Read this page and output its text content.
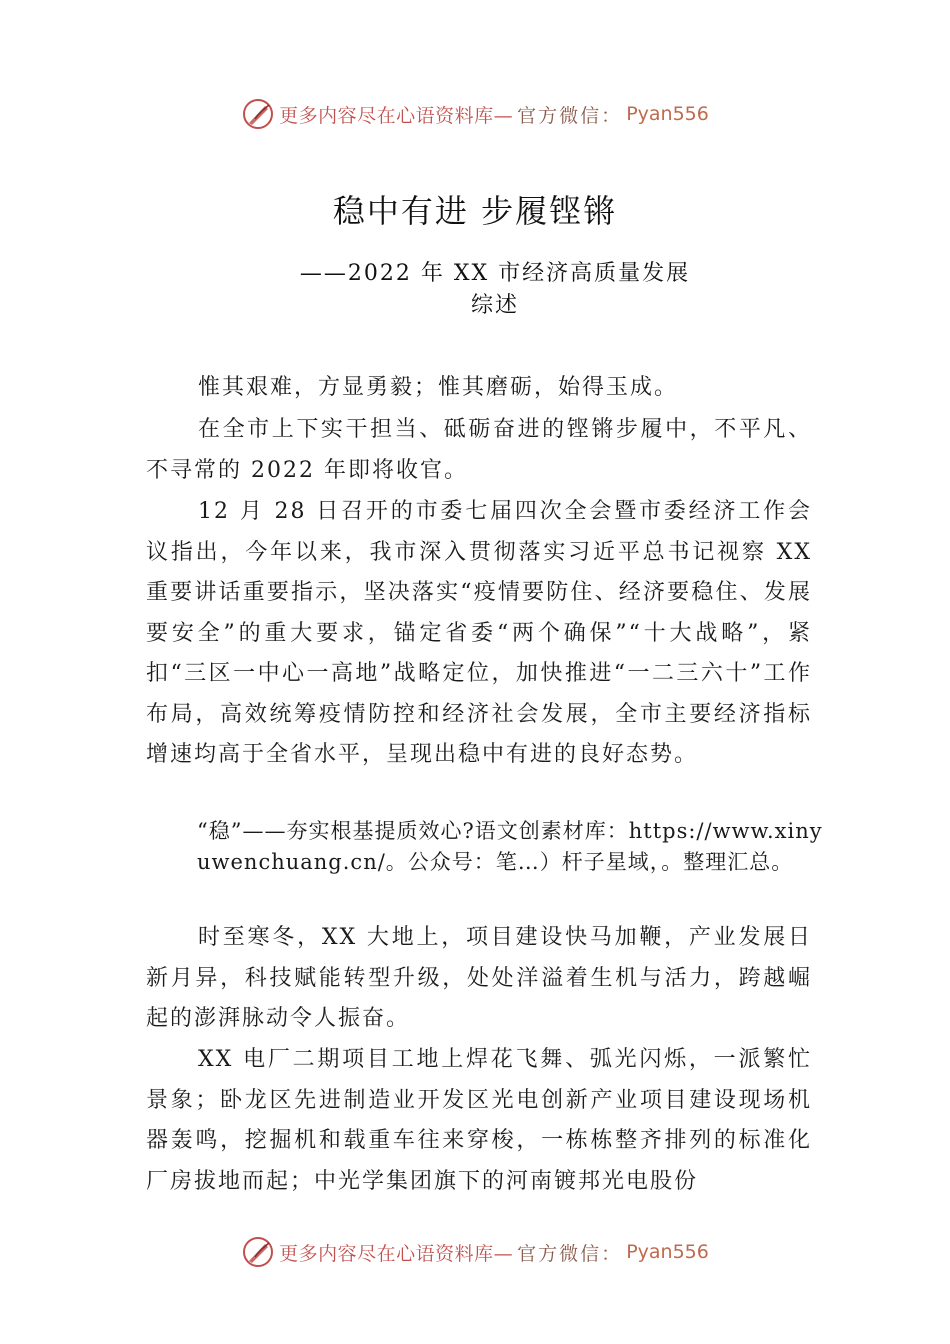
更多内容尽在心语资料库— 官方微信： Pyan556
稳中有进 步履铿锵
——2022 年 XX 市经济高质量发展综述
惟其艰难，方显勇毅；惟其磨砺，始得玉成。
在全市上下实干担当、砥砺奋进的铿锵步履中，不平凡、不寻常的 2022 年即将收官。
12 月 28 日召开的市委七届四次全会暨市委经济工作会议指出，今年以来，我市深入贯彻落实习近平总书记视察 XX 重要讲话重要指示，坚决落实“疫情要防住、经济要稳住、发展要安全”的重大要求，锚定省委“两个确保”“十大战略”，紧扣“三区一中心一高地”战略定位，加快推进“一二三六十”工作布局，高效统筹疫情防控和经济社会发展，全市主要经济指标增速均高于全省水平，呈现出稳中有进的良好态势。
“稳”——夯实根基提质效心?语文创素材库：https://www.xinyuwenchuang.cn/。公众号：笔…）杆子星域，。整理汇总。
时至寒冬，XX 大地上，项目建设快马加鞭，产业发展日新月异，科技赋能转型升级，处处洋溢着生机与活力，跨越崛起的澎湃脉动令人振奋。
XX 电厂二期项目工地上焊花飞舞、弧光闪烁，一派繁忙景象；卧龙区先进制造业开发区光电创新产业项目建设现场机器轰鸣，挖掘机和载重车往来穿梭，一栋栋整齐排列的标准化厂房拔地而起；中光学集团旗下的河南镀邦光电股份
更多内容尽在心语资料库— 官方微信： Pyan556
